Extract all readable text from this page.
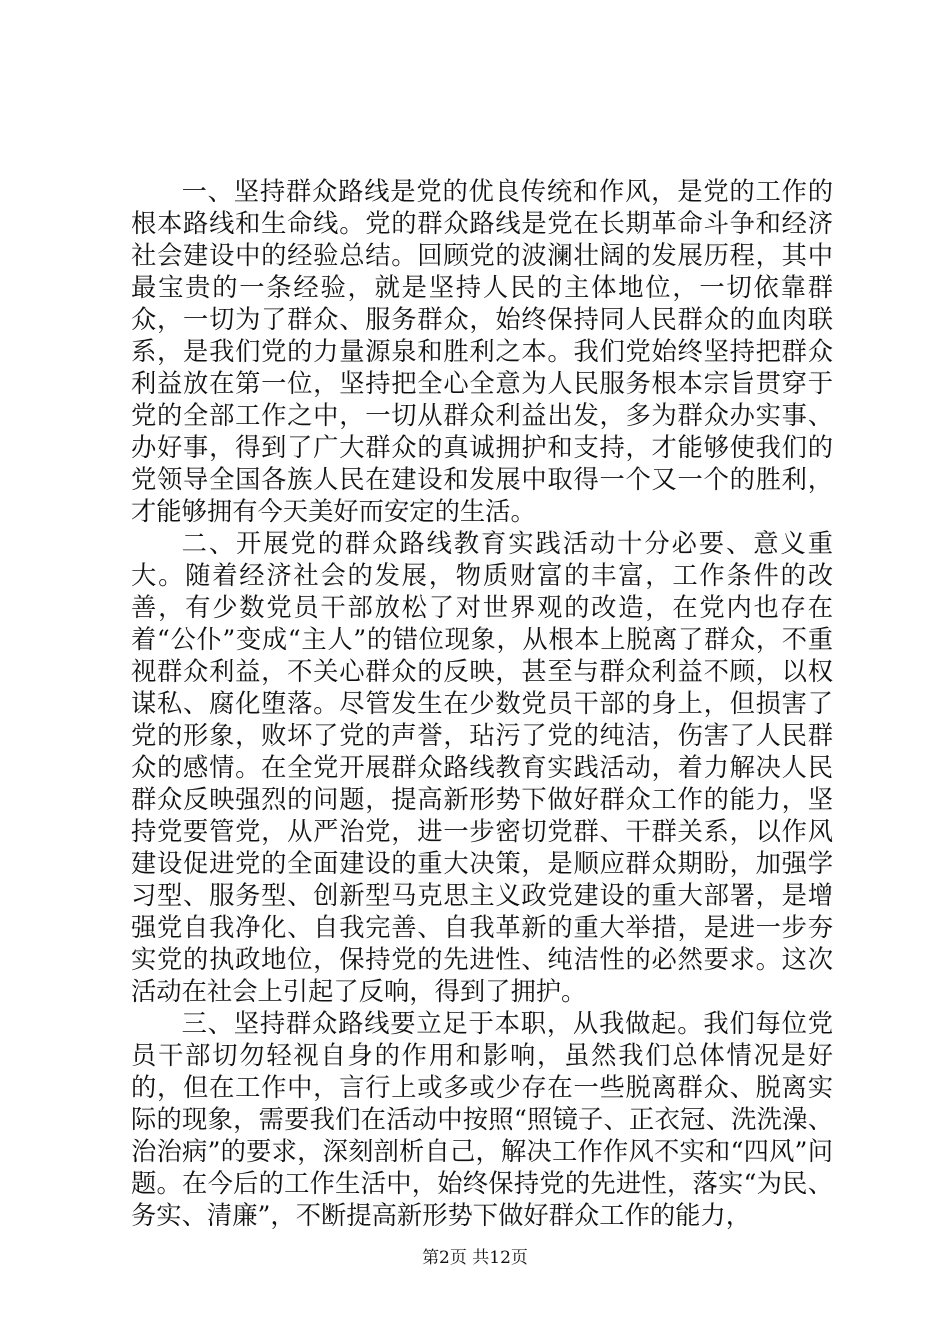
一、坚持群众路线是党的优良传统和作风，是党的工作的根本路线和生命线。党的群众路线是党在长期革命斗争和经济社会建设中的经验总结。回顾党的波澜壮阔的发展历程，其中最宝贵的一条经验，就是坚持人民的主体地位，一切依靠群众，一切为了群众、服务群众，始终保持同人民群众的血肉联系，是我们党的力量源泉和胜利之本。我们党始终坚持把群众利益放在第一位，坚持把全心全意为人民服务根本宗旨贯穿于党的全部工作之中，一切从群众利益出发，多为群众办实事、办好事，得到了广大群众的真诚拥护和支持，才能够使我们的党领导全国各族人民在建设和发展中取得一个又一个的胜利，才能够拥有今天美好而安定的生活。

二、开展党的群众路线教育实践活动十分必要、意义重大。随着经济社会的发展，物质财富的丰富，工作条件的改善，有少数党员干部放松了对世界观的改造，在党内也存在着“公仆”变成“主人”的错位现象，从根本上脱离了群众，不重视群众利益，不关心群众的反映，甚至与群众利益不顾，以权谋私、腐化堕落。尽管发生在少数党员干部的身上，但损害了党的形象，败坏了党的声誉，玷污了党的纯洁，伤害了人民群众的感情。在全党开展群众路线教育实践活动，着力解决人民群众反映强烈的问题，提高新形势下做好群众工作的能力，坚持党要管党，从严治党，进一步密切党群、干群关系，以作风建设促进党的全面建设的重大决策，是顺应群众期盼，加强学习型、服务型、创新型马克思主义政党建设的重大部署，是增强党自我净化、自我完善、自我革新的重大举措，是进一步夯实党的执政地位，保持党的先进性、纯洁性的必然要求。这次活动在社会上引起了反响，得到了拥护。

三、坚持群众路线要立足于本职，从我做起。我们每位党员干部切勿轻视自身的作用和影响，虽然我们总体情况是好的，但在工作中，言行上或多或少存在一些脱离群众、脱离实际的现象，需要我们在活动中按照“照镜子、正衣冠、洗洗澡、治治病”的要求，深刻剖析自己，解决工作作风不实和“四风”问题。在今后的工作生活中，始终保持党的先进性，落实“为民、务实、清廉”，不断提高新形势下做好群众工作的能力，

第2页 共12页
